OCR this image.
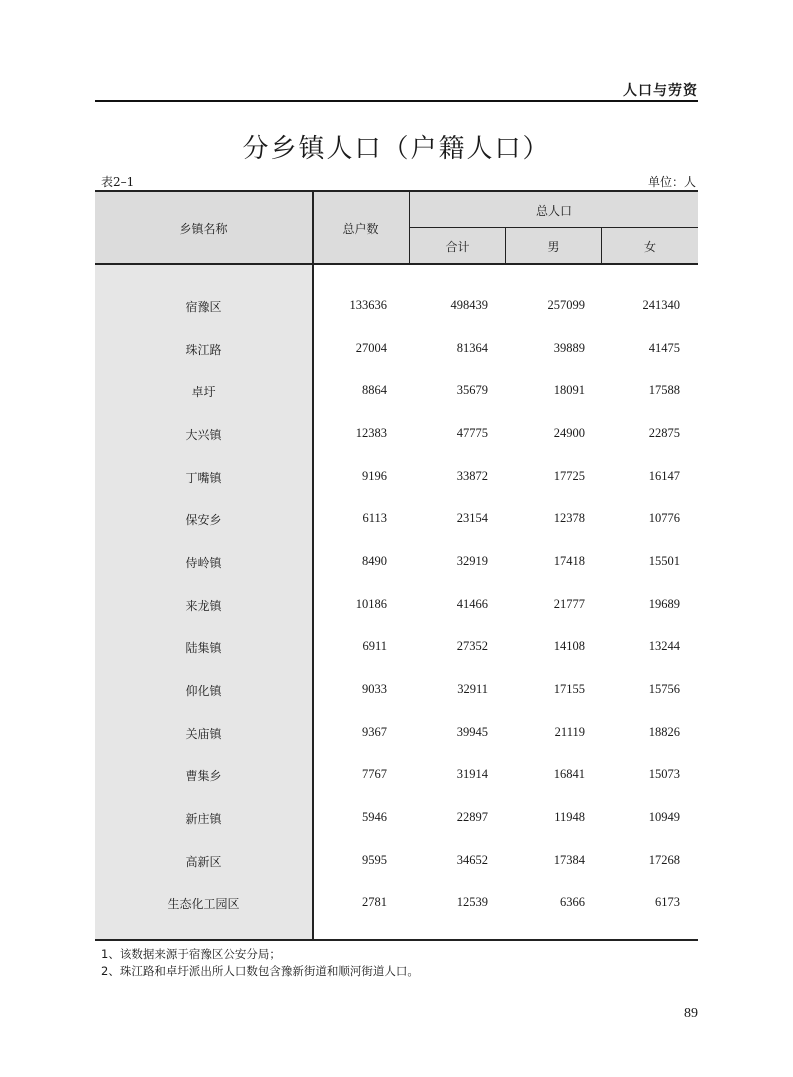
人口与劳资
分乡镇人口（户籍人口）
表2–1	单位：人
乡镇名称	总户数
总人口
合计	男	女
宿豫区	133636	498439	257099	241340
珠江路	27004	81364	39889	41475
卓圩	8864	35679	18091	17588
大兴镇	12383	47775	24900	22875
丁嘴镇	9196	33872	17725	16147
保安乡	6113	23154	12378	10776
侍岭镇	8490	32919	17418	15501
来龙镇	10186	41466	21777	19689
陆集镇	6911	27352	14108	13244
仰化镇	9033	32911	17155	15756
关庙镇	9367	39945	21119	18826
曹集乡	7767	31914	16841	15073
新庄镇	5946	22897	11948	10949
高新区	9595	34652	17384	17268
生态化工园区	2781	12539	6366	6173
1、该数据来源于宿豫区公安分局；
2、珠江路和卓圩派出所人口数包含豫新街道和顺河街道人口。
89
